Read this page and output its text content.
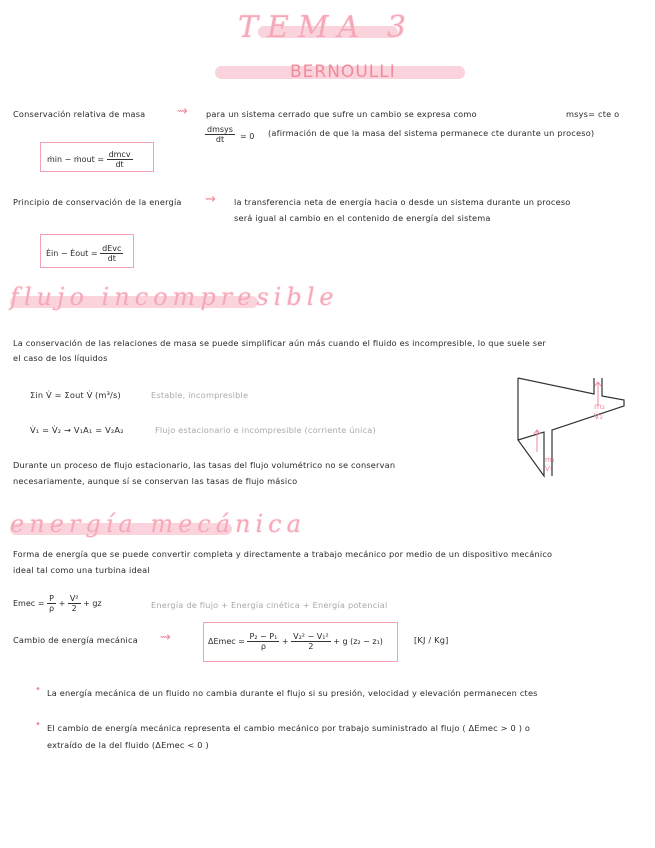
TEMA 3
BERNOULLI
Conservación relativa de masa ⇝ para un sistema cerrado que sufre un cambio se expresa como	msys= cte o
$\frac{\text{dmsys}}{dt} = 0$ (afirmación de que la masa del sistema permanece cte durante un proceso)
ṁin − ṁout = $\frac{\text{dmcv}}{dt}$
Principio de conservación de la energía ⇝ la transferencia neta de energía hacia o desde un sistema durante un proceso
será igual al cambio en el contenido de energía del sistema
Ėin − Ėout = $\frac{\text{dEvc}}{dt}$
flujo incompresible
La conservación de las relaciones de masa se puede simplificar aún más cuando el fluido es incompresible, lo que suele ser
el caso de los líquidos
Σin V̇ = Σout V̇ (m³/s)	Estable, incompresible
V̇₁ = V̇₂ → V₁A₁ = V₂A₂	Flujo estacionario e incompresible (corriente única)
Durante un proceso de flujo estacionario, las tasas del flujo volumétrico no se conservan
necesariamente, aunque sí se conservan las tasas de flujo másico
ṁ₂
V̇₂
ṁ₁
V̇₁
energía mecánica
Forma de energía que se puede convertir completa y directamente a trabajo mecánico por medio de un dispositivo mecánico
ideal tal como una turbina ideal
Emec = $\frac{P}{\rho} + \frac{\text{V²}}{2}$ + gz	Energía de flujo + Energía cinética + Energía potencial
Cambio de energía mecánica ⇝	ΔEmec = $\frac{\text{P₂ − P₁}}{\rho} + \frac{\text{V₂² − V₁²}}{2} + g$ (z₂ − z₁)	[KJ / Kg]
• La energía mecánica de un fluido no cambia durante el flujo si su presión, velocidad y elevación permanecen ctes
• El cambio de energía mecánica representa el cambio mecánico por trabajo suministrado al flujo ( ΔEmec > 0 ) o
extraído de la del fluido (ΔEmec < 0 )
